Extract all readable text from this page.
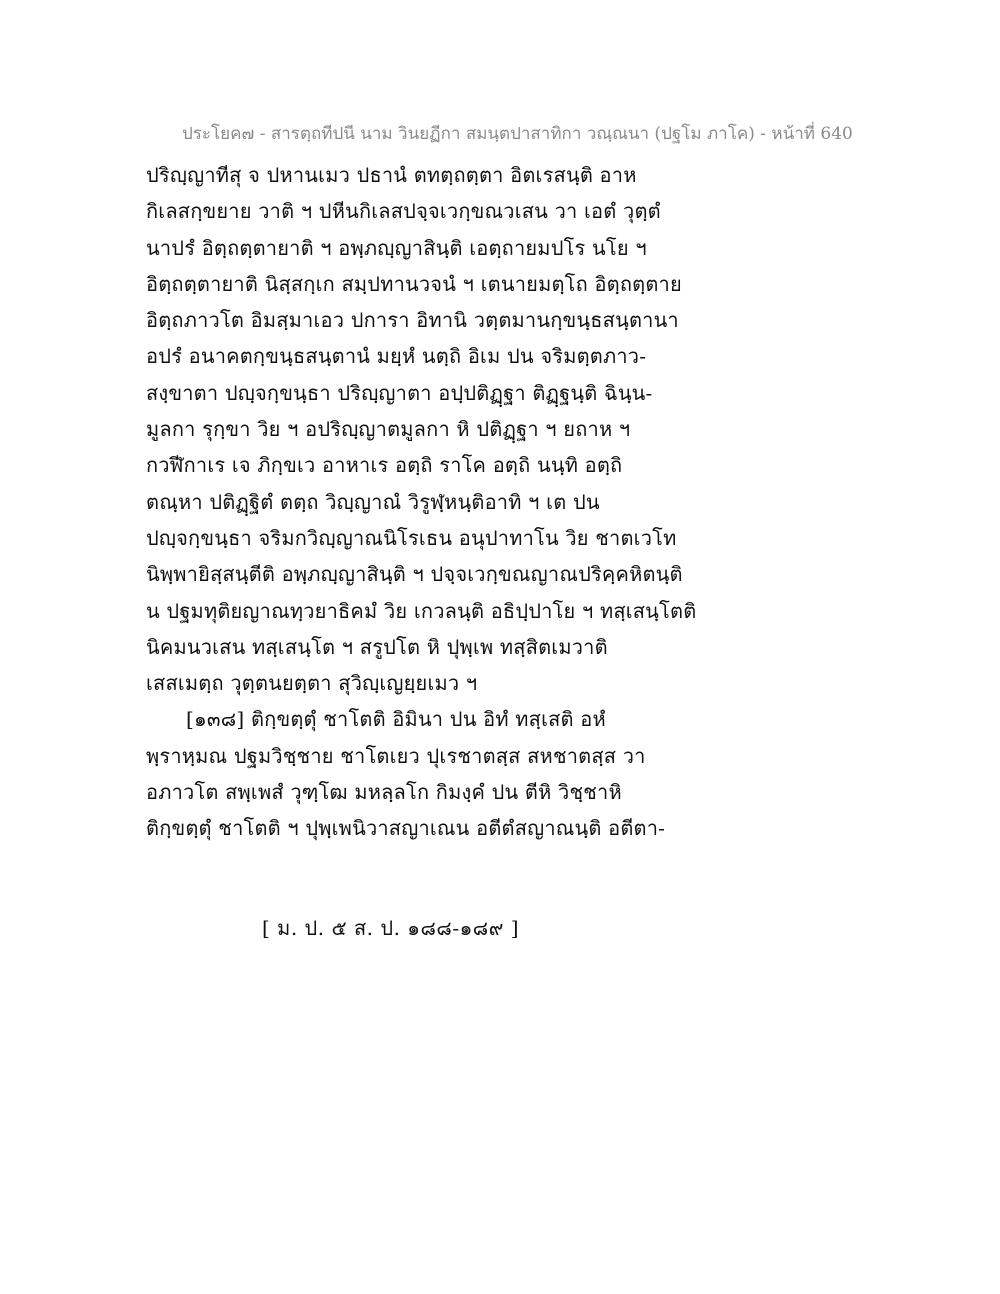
ประโยค๗ - สารตฺถทีปนี นาม วินยฏีกา สมนฺตปาสาทิกา วณฺณนา (ปฐโม ภาโค) - หน้าที่ 640
ปริญฺญาทีสุ จ ปหานเมว ปธานํ ตทตฺถตฺตา อิตเรสนฺติ อาห
กิเลสกฺขยาย วาติ ฯ ปหีนกิเลสปจฺจเวกฺขณวเสน วา เอตํ วุตฺตํ
นาปรํ อิตฺถตฺตายาติ ฯ อพฺภญฺญาสินฺติ เอตฺถายมปโร นโย ฯ
อิตฺถตฺตายาติ นิสฺสกฺเก สมฺปทานวจนํ ฯ เตนายมตฺโถ อิตฺถตฺตาย
อิตฺถภาวโต อิมสฺมาเอว ปการา อิทานิ วตฺตมานกฺขนฺธสนฺตานา
อปรํ อนาคตกฺขนฺธสนฺตานํ มยฺหํ นตฺถิ อิเม ปน จริมตฺตภาว-
สงฺขาตา ปญฺจกฺขนฺธา ปริญฺญาตา อปฺปติฏฺฐา ติฏฺฐนฺติ ฉินฺน-
มูลกา รุกฺขา วิย ฯ อปริญฺญาตมูลกา หิ ปติฏฺฐา ฯ ยถาห ฯ
กวฬีกาเร เจ ภิกฺขเว อาหาเร อตฺถิ ราโค อตฺถิ นนฺทิ อตฺถิ
ตณฺหา ปติฏฺฐิตํ ตตฺถ วิญฺญาณํ วิรูฬฺหนฺติอาทิ ฯ เต ปน
ปญฺจกฺขนฺธา จริมกวิญฺญาณนิโรเธน อนุปาทาโน วิย ชาตเวโท
นิพฺพายิสฺสนฺตีติ อพฺภญฺญาสินฺติ ฯ ปจฺจเวกฺขณญาณปริคฺคหิตนฺติ
น ปฐมทุติยญาณทฺวยาธิคมํ วิย เกวลนฺติ อธิปฺปาโย ฯ ทสฺเสนฺโตติ
นิคมนวเสน ทสฺเสนฺโต ฯ สรูปโต หิ ปุพฺเพ ทสฺสิตเมวาติ
เสสเมตฺถ วุตฺตนยตฺตา สุวิญฺเญยฺยเมว ฯ
[๑๓๘] ติกฺขตฺตุํ ชาโตติ อิมินา ปน อิทํ ทสฺเสติ อหํ
พฺราหฺมณ ปฐมวิชฺชาย ชาโตเยว ปุเรชาตสฺส สหชาตสฺส วา
อภาวโต สพฺเพสํ วุฑฺโฒ มหลฺลโก กิมงฺคํ ปน ตีหิ วิชฺชาหิ
ติกฺขตฺตุํ ชาโตติ ฯ ปุพฺเพนิวาสญาเณน อตีตํสญาณนฺติ อตีตา-
[ ม. ป. ๕ ส. ป. ๑๘๘-๑๘๙ ]
